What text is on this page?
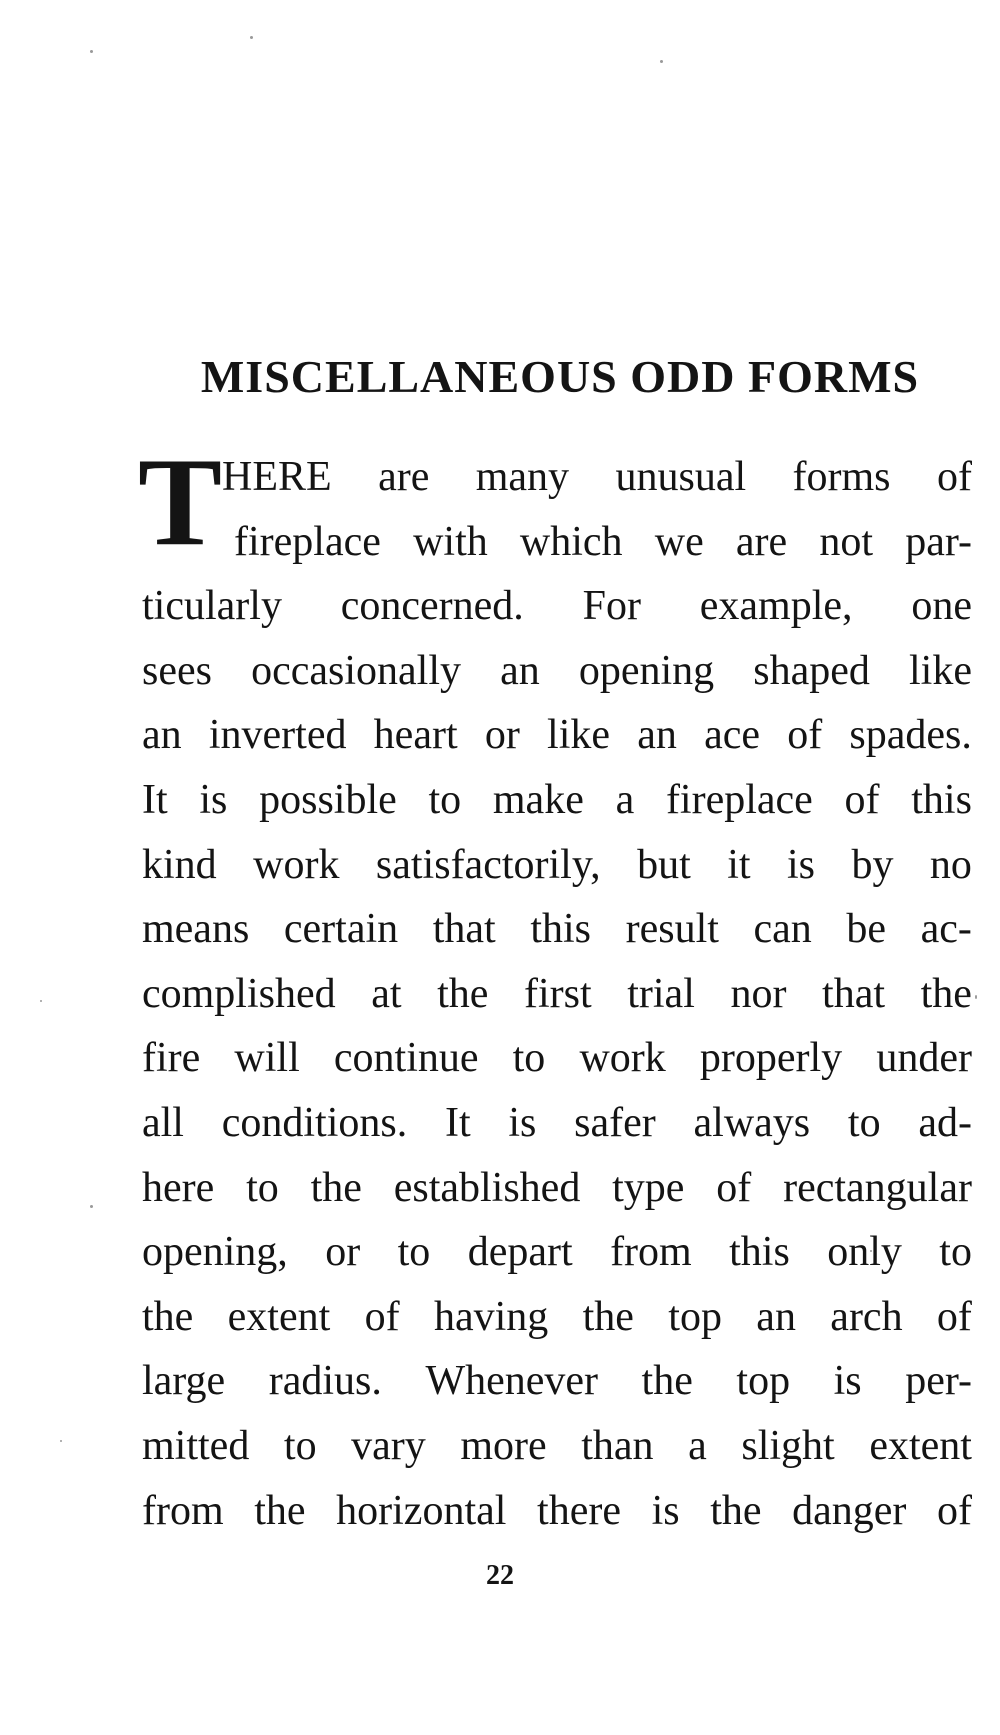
MISCELLANEOUS ODD FORMS
T HERE are many unusual forms of
fireplace with which we are not par-
ticularly concerned. For example, one
sees occasionally an opening shaped like
an inverted heart or like an ace of spades.
It is possible to make a fireplace of this
kind work satisfactorily, but it is by no
means certain that this result can be ac-
complished at the first trial nor that the
fire will continue to work properly under
all conditions. It is safer always to ad-
here to the established type of rectangular
opening, or to depart from this only to
the extent of having the top an arch of
large radius. Whenever the top is per-
mitted to vary more than a slight extent
from the horizontal there is the danger of
22
